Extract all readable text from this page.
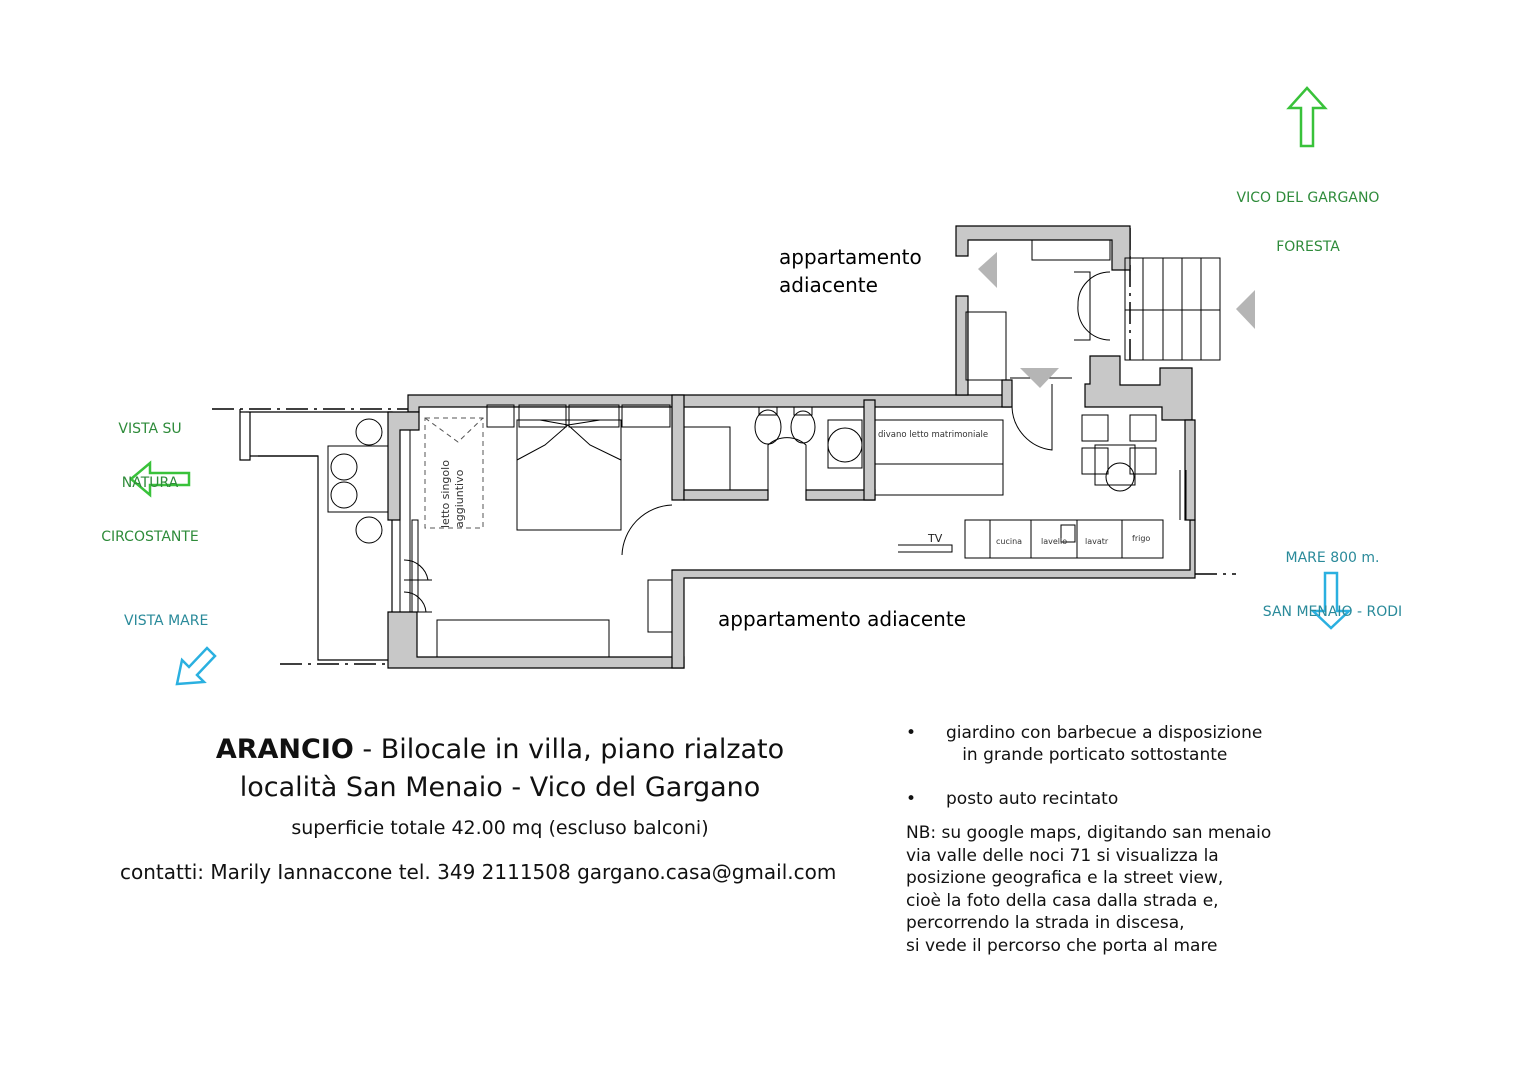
appartamento
adiacente
appartamento adiacente
divano letto matrimoniale
letto singolo aggiuntivo
TV	cucina lavello lavatr	frigo

VICO DEL GARGANO

FORESTA

VISTA SU

NATURA

CIRCOSTANTE

MARE 800 m.

SAN MENAIO - RODI

VISTA MARE
ARANCIO - Bilocale in villa, piano rialzato
località San Menaio - Vico del Gargano
superficie totale 42.00 mq (escluso balconi)
contatti: Marily Iannaccone tel. 349 2111508 gargano.casa@gmail.com
• giardino con barbecue a disposizione
in grande porticato sottostante
• posto auto recintato
NB: su google maps, digitando san menaio
via valle delle noci 71 si visualizza la
posizione geografica e la street view,
cioè la foto della casa dalla strada e,
percorrendo la strada in discesa,
si vede il percorso che porta al mare
